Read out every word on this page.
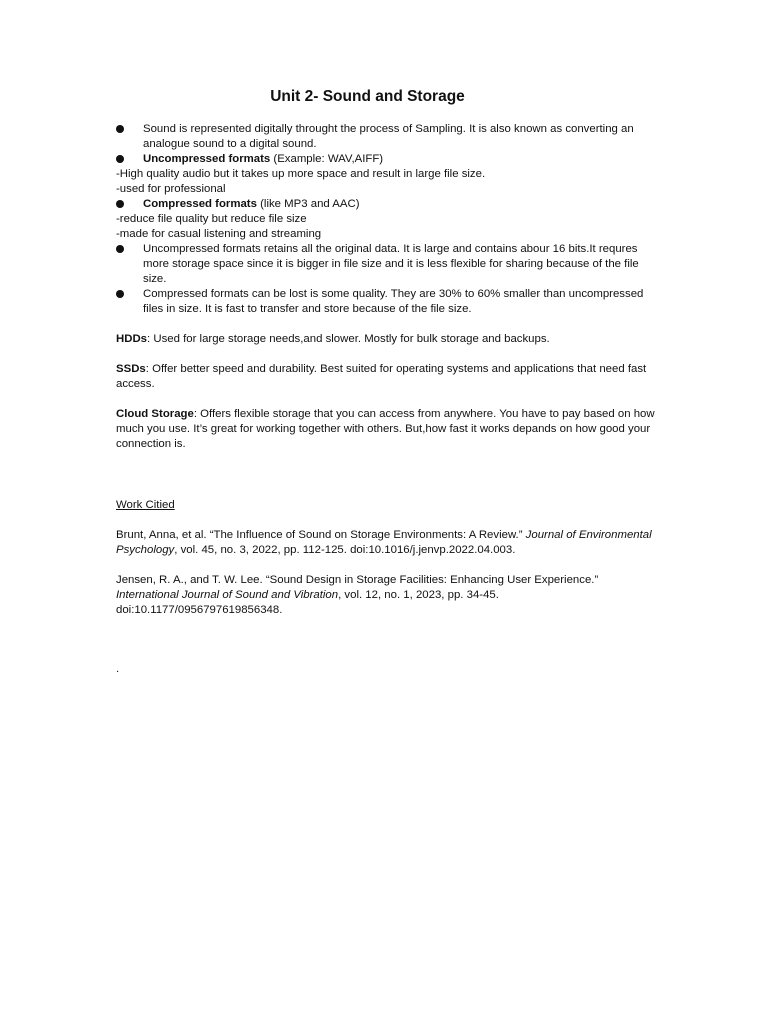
Unit 2- Sound and Storage
Sound is represented digitally throught the process of Sampling. It is also known as converting an analogue sound to a digital sound.
Uncompressed formats (Example: WAV,AIFF)
-High quality audio but it takes up more space and result in large file size.
-used for professional
Compressed formats (like MP3 and AAC)
-reduce file quality but reduce file size
-made for casual listening and streaming
Uncompressed formats retains all the original data. It is large and contains abour 16 bits.It requres more storage space since it is bigger in file size and it is less flexible for sharing because of the file size.
Compressed formats can be lost is some quality. They are 30% to 60% smaller than uncompressed files in size. It is fast to transfer and store because of the file size.
HDDs: Used for large storage needs,and slower. Mostly for bulk storage and backups.
SSDs: Offer better speed and durability. Best suited for operating systems and applications that need fast access.
Cloud Storage: Offers flexible storage that you can access from anywhere. You have to pay based on how much you use. It’s great for working together with others. But,how fast it works depands on how good your connection is.
Work Citied
Brunt, Anna, et al. “The Influence of Sound on Storage Environments: A Review.” Journal of Environmental Psychology, vol. 45, no. 3, 2022, pp. 112-125. doi:10.1016/j.jenvp.2022.04.003.
Jensen, R. A., and T. W. Lee. “Sound Design in Storage Facilities: Enhancing User Experience.” International Journal of Sound and Vibration, vol. 12, no. 1, 2023, pp. 34-45. doi:10.1177/0956797619856348.
.
